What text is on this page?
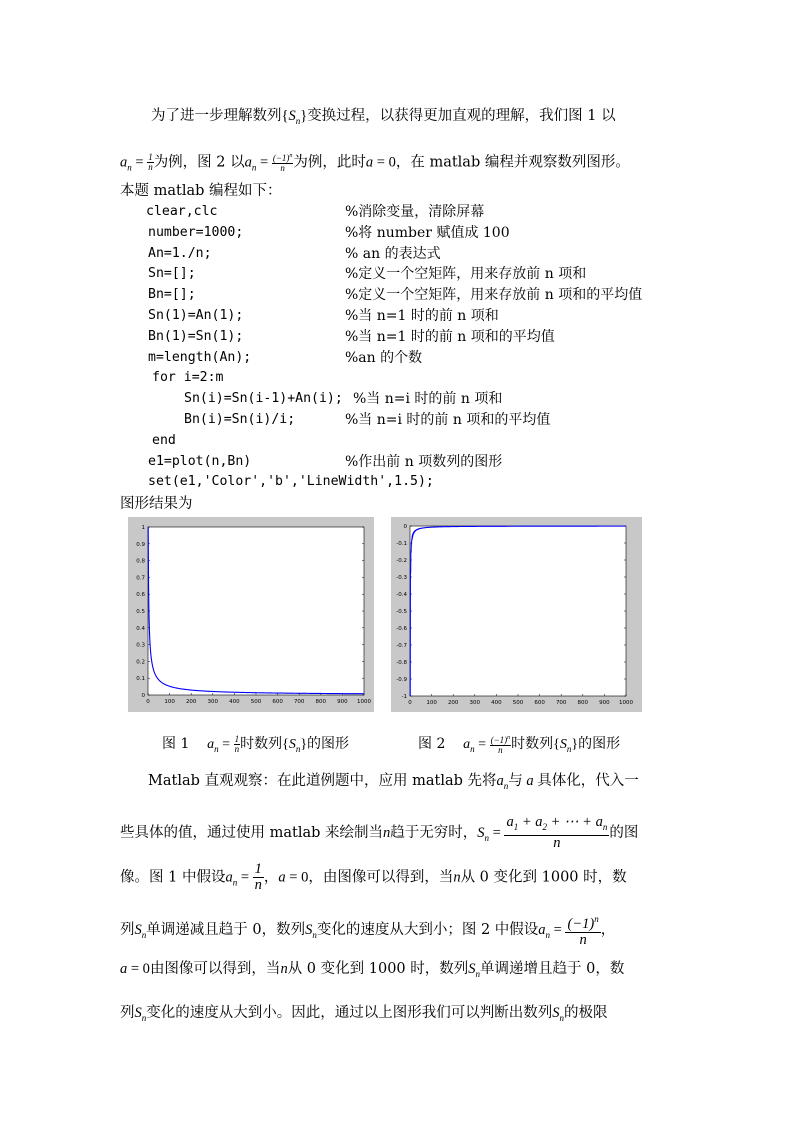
为了进一步理解数列$\{S_n\}$变换过程，以获得更加直观的理解，我们图 1 以
$a_n = \frac{1}{n}$ 为例，图 2 以$a_n = \frac{(-1)^n}{n}$ 为例，此时a = 0，在 matlab 编程并观察数列图形。
本题 matlab 编程如下：
clear,clc	%消除变量，清除屏幕
number=1000;	%将 number 赋值成 100
An=1./n;	% an 的表达式
Sn=[];	%定义一个空矩阵，用来存放前 n 项和
Bn=[];	%定义一个空矩阵，用来存放前 n 项和的平均值
Sn(1)=An(1);	%当 n=1 时的前 n 项和
Bn(1)=Sn(1);	%当 n=1 时的前 n 项和的平均值
m=length(An);	%an 的个数
for i=2:m
Sn(i)=Sn(i-1)+An(i); %当 n=i 时的前 n 项和
Bn(i)=Sn(i)/i;	%当 n=i 时的前 n 项和的平均值
end
e1=plot(n,Bn)	%作出前 n 项数列的图形
set(e1,'Color','b','LineWidth',1.5);
图形结果为
0	100 200 300 400 500 600 700 800 900 1000
0
0.1
0.2
0.3
0.4
0.5
0.6
0.7
0.8
0.9
1
0	100 200 300 400 500 600 700 800 900 1000
0
-0.1
-0.2
-0.3
-0.4
-0.5
-0.6
-0.7
-0.8
-0.9
-1
图 1 $a_n = \frac{1}{n}$ 时数列$\{S_n\}$的图形	图 2 $a_n = \frac{(-1)^n}{n}$ 时数列$\{S_n\}$的图形
Matlab 直观观察：在此道例题中，应用 matlab 先将$a_n$与 a 具体化，代入一
些具体的值，通过使用 matlab 来绘制当n趋于无穷时，$S_n = \frac{a_1 + a_2 + \cdots + a_n}{n}$ 的图
像。图 1 中假设$a_n = \frac{1}{n}$ ，a = 0，由图像可以得到，当n从 0 变化到 1000 时，数
列$S_n$单调递减且趋于 0，数列$S_n$变化的速度从大到小；图 2 中假设$a_n = \frac{(-1)^n}{n}$ ，
a = 0由图像可以得到，当n从 0 变化到 1000 时，数列$S_n$单调递增且趋于 0，数
列$S_n$变化的速度从大到小。因此，通过以上图形我们可以判断出数列$S_n$的极限
